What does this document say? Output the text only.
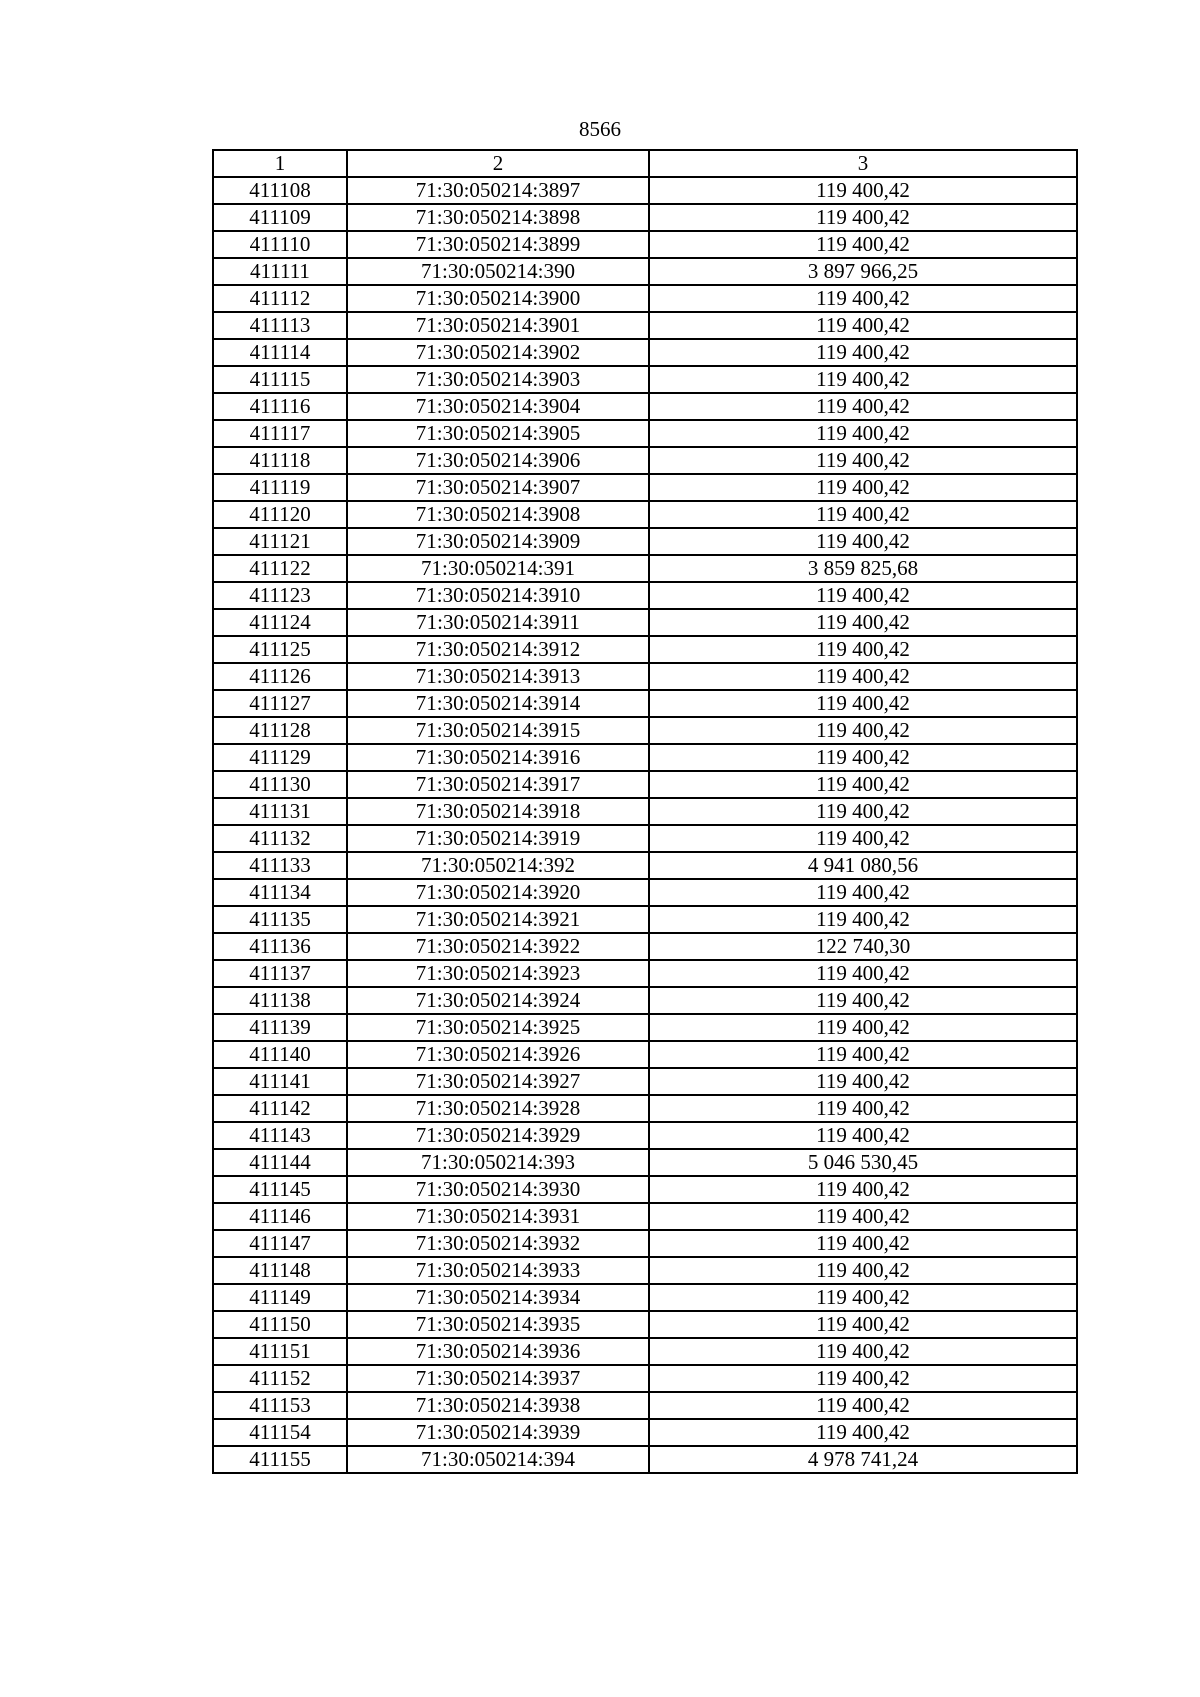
8566
1	2	3
411108	71:30:050214:3897	119 400,42
411109	71:30:050214:3898	119 400,42
411110	71:30:050214:3899	119 400,42
411111	71:30:050214:390	3 897 966,25
411112	71:30:050214:3900	119 400,42
411113	71:30:050214:3901	119 400,42
411114	71:30:050214:3902	119 400,42
411115	71:30:050214:3903	119 400,42
411116	71:30:050214:3904	119 400,42
411117	71:30:050214:3905	119 400,42
411118	71:30:050214:3906	119 400,42
411119	71:30:050214:3907	119 400,42
411120	71:30:050214:3908	119 400,42
411121	71:30:050214:3909	119 400,42
411122	71:30:050214:391	3 859 825,68
411123	71:30:050214:3910	119 400,42
411124	71:30:050214:3911	119 400,42
411125	71:30:050214:3912	119 400,42
411126	71:30:050214:3913	119 400,42
411127	71:30:050214:3914	119 400,42
411128	71:30:050214:3915	119 400,42
411129	71:30:050214:3916	119 400,42
411130	71:30:050214:3917	119 400,42
411131	71:30:050214:3918	119 400,42
411132	71:30:050214:3919	119 400,42
411133	71:30:050214:392	4 941 080,56
411134	71:30:050214:3920	119 400,42
411135	71:30:050214:3921	119 400,42
411136	71:30:050214:3922	122 740,30
411137	71:30:050214:3923	119 400,42
411138	71:30:050214:3924	119 400,42
411139	71:30:050214:3925	119 400,42
411140	71:30:050214:3926	119 400,42
411141	71:30:050214:3927	119 400,42
411142	71:30:050214:3928	119 400,42
411143	71:30:050214:3929	119 400,42
411144	71:30:050214:393	5 046 530,45
411145	71:30:050214:3930	119 400,42
411146	71:30:050214:3931	119 400,42
411147	71:30:050214:3932	119 400,42
411148	71:30:050214:3933	119 400,42
411149	71:30:050214:3934	119 400,42
411150	71:30:050214:3935	119 400,42
411151	71:30:050214:3936	119 400,42
411152	71:30:050214:3937	119 400,42
411153	71:30:050214:3938	119 400,42
411154	71:30:050214:3939	119 400,42
411155	71:30:050214:394	4 978 741,24
